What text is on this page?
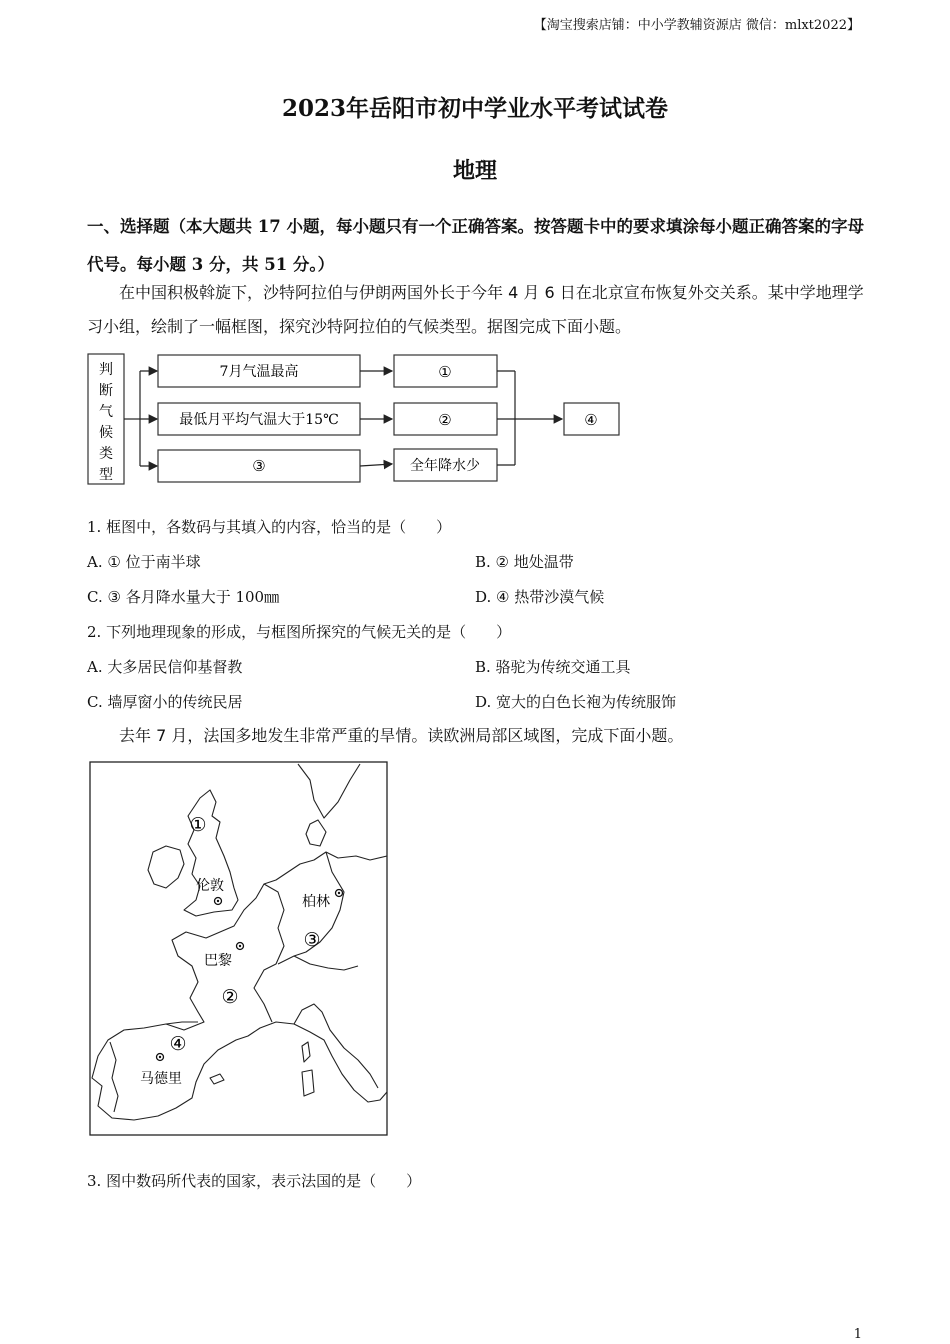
【淘宝搜索店铺：中小学教辅资源店 微信：mlxt2022】
2023年岳阳市初中学业水平考试试卷
地理
一、选择题（本大题共 17 小题，每小题只有一个正确答案。按答题卡中的要求填涂每小题正确答案的字母代号。每小题 3 分，共 51 分。）
在中国积极斡旋下，沙特阿拉伯与伊朗两国外长于今年 4 月 6 日在北京宣布恢复外交关系。某中学地理学习小组，绘制了一幅框图，探究沙特阿拉伯的气候类型。据图完成下面小题。
判
断
气
候
类
型
7月气温最高
最低月平均气温大于15℃
③
①
②
全年降水少
④
1. 框图中，各数码与其填入的内容，恰当的是（　　）
A. ① 位于南半球	B. ② 地处温带
C. ③ 各月降水量大于 100㎜	D. ④ 热带沙漠气候
2. 下列地理现象的形成，与框图所探究的气候无关的是（　　）
A. 大多居民信仰基督教	B. 骆驼为传统交通工具
C. 墙厚窗小的传统民居	D. 宽大的白色长袍为传统服饰
去年 7 月，法国多地发生非常严重的旱情。读欧洲局部区域图，完成下面小题。
①
伦敦
柏林
③
巴黎
②
④
马德里
3. 图中数码所代表的国家，表示法国的是（　　）
1
